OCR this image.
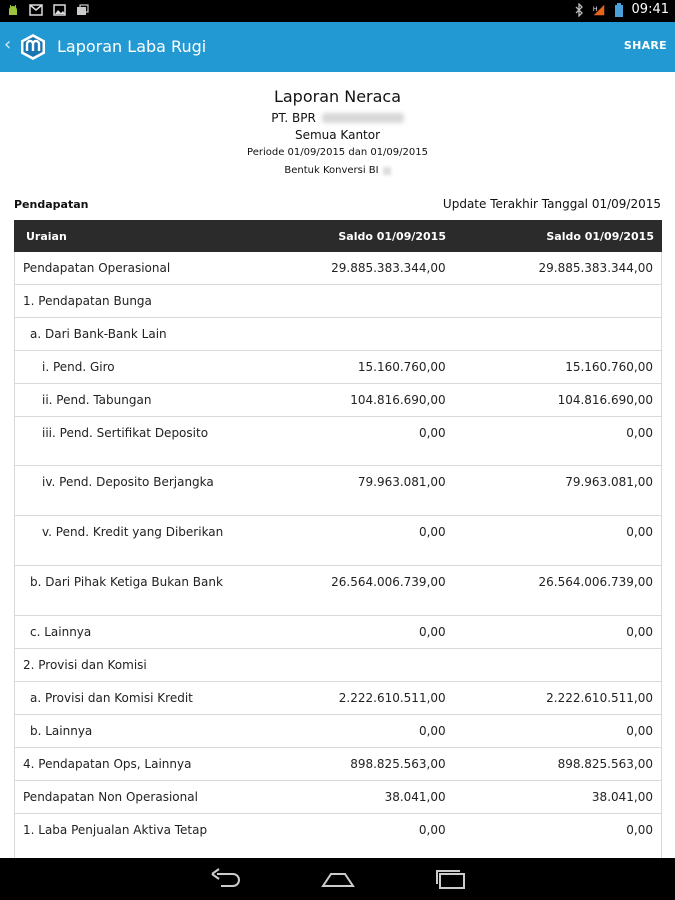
H	09:41
‹	Laporan Laba Rugi	SHARE
Laporan Neraca
PT. BPR
Semua Kantor
Periode 01/09/2015 dan 01/09/2015
Bentuk Konversi BI
Pendapatan	Update Terakhir Tanggal 01/09/2015
Uraian	Saldo 01/09/2015	Saldo 01/09/2015
Pendapatan Operasional	29.885.383.344,00	29.885.383.344,00
1. Pendapatan Bunga
a. Dari Bank-Bank Lain
i. Pend. Giro	15.160.760,00	15.160.760,00
ii. Pend. Tabungan	104.816.690,00	104.816.690,00
iii. Pend. Sertifikat Deposito	0,00	0,00
iv. Pend. Deposito Berjangka	79.963.081,00	79.963.081,00
v. Pend. Kredit yang Diberikan	0,00	0,00
b. Dari Pihak Ketiga Bukan Bank	26.564.006.739,00	26.564.006.739,00
c. Lainnya	0,00	0,00
2. Provisi dan Komisi
a. Provisi dan Komisi Kredit	2.222.610.511,00	2.222.610.511,00
b. Lainnya	0,00	0,00
4. Pendapatan Ops, Lainnya	898.825.563,00	898.825.563,00
Pendapatan Non Operasional	38.041,00	38.041,00
1. Laba Penjualan Aktiva Tetap	0,00	0,00
